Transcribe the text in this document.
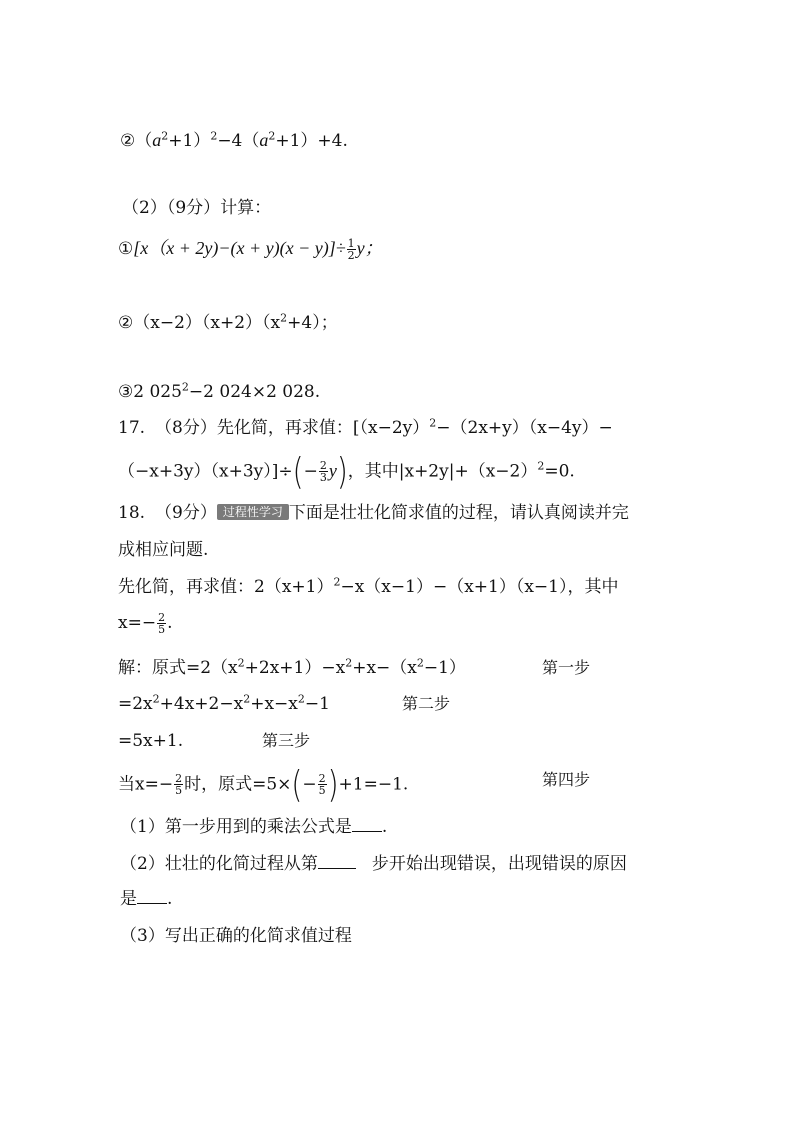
$②(a^2+1)^2-4(a^2+1)+4$.
（2）（9分）计算：
①[x（x + $2y)-(x + y)(x - y)]\div \frac{1}{2}$ y；
$②(x-2)(x+2)(x^2+4)$；
③2 $025^2-2$ 024×2 028.
17. （8分）先化简，再求值：[$(x-2y)^2-(2x+y)(x-4y)-$
$(-x+3y)(x+3y)]\div(- \frac{2}{3} y)$，其中$|x+2y|+(x-2)^2=0$.
18. （9分） 过程性学习 下面是壮壮化简求值的过程，请认真阅读并完
成相应问题.
先化简，再求值：$2(x+1)^2-x(x-1)-(x+1)(x-1)$，其中
$x=- \frac{2}{5}$ .
解：原式$=2(x^2+2x+1)-x^2+x-(x^2-1)$	第一步
$=2x^2+4x+2-x^2+x-x^2-1$	第二步
=5x+1.	第三步
当$x=- \frac{2}{5}$ 时，原式$=5\times(- \frac{2}{5} )+1=-1$.	第四步
（1）第一步用到的乘法公式是 .
（2）壮壮的化简过程从第	步开始出现错误，出现错误的原因
是 .
（3）写出正确的化简求值过程
